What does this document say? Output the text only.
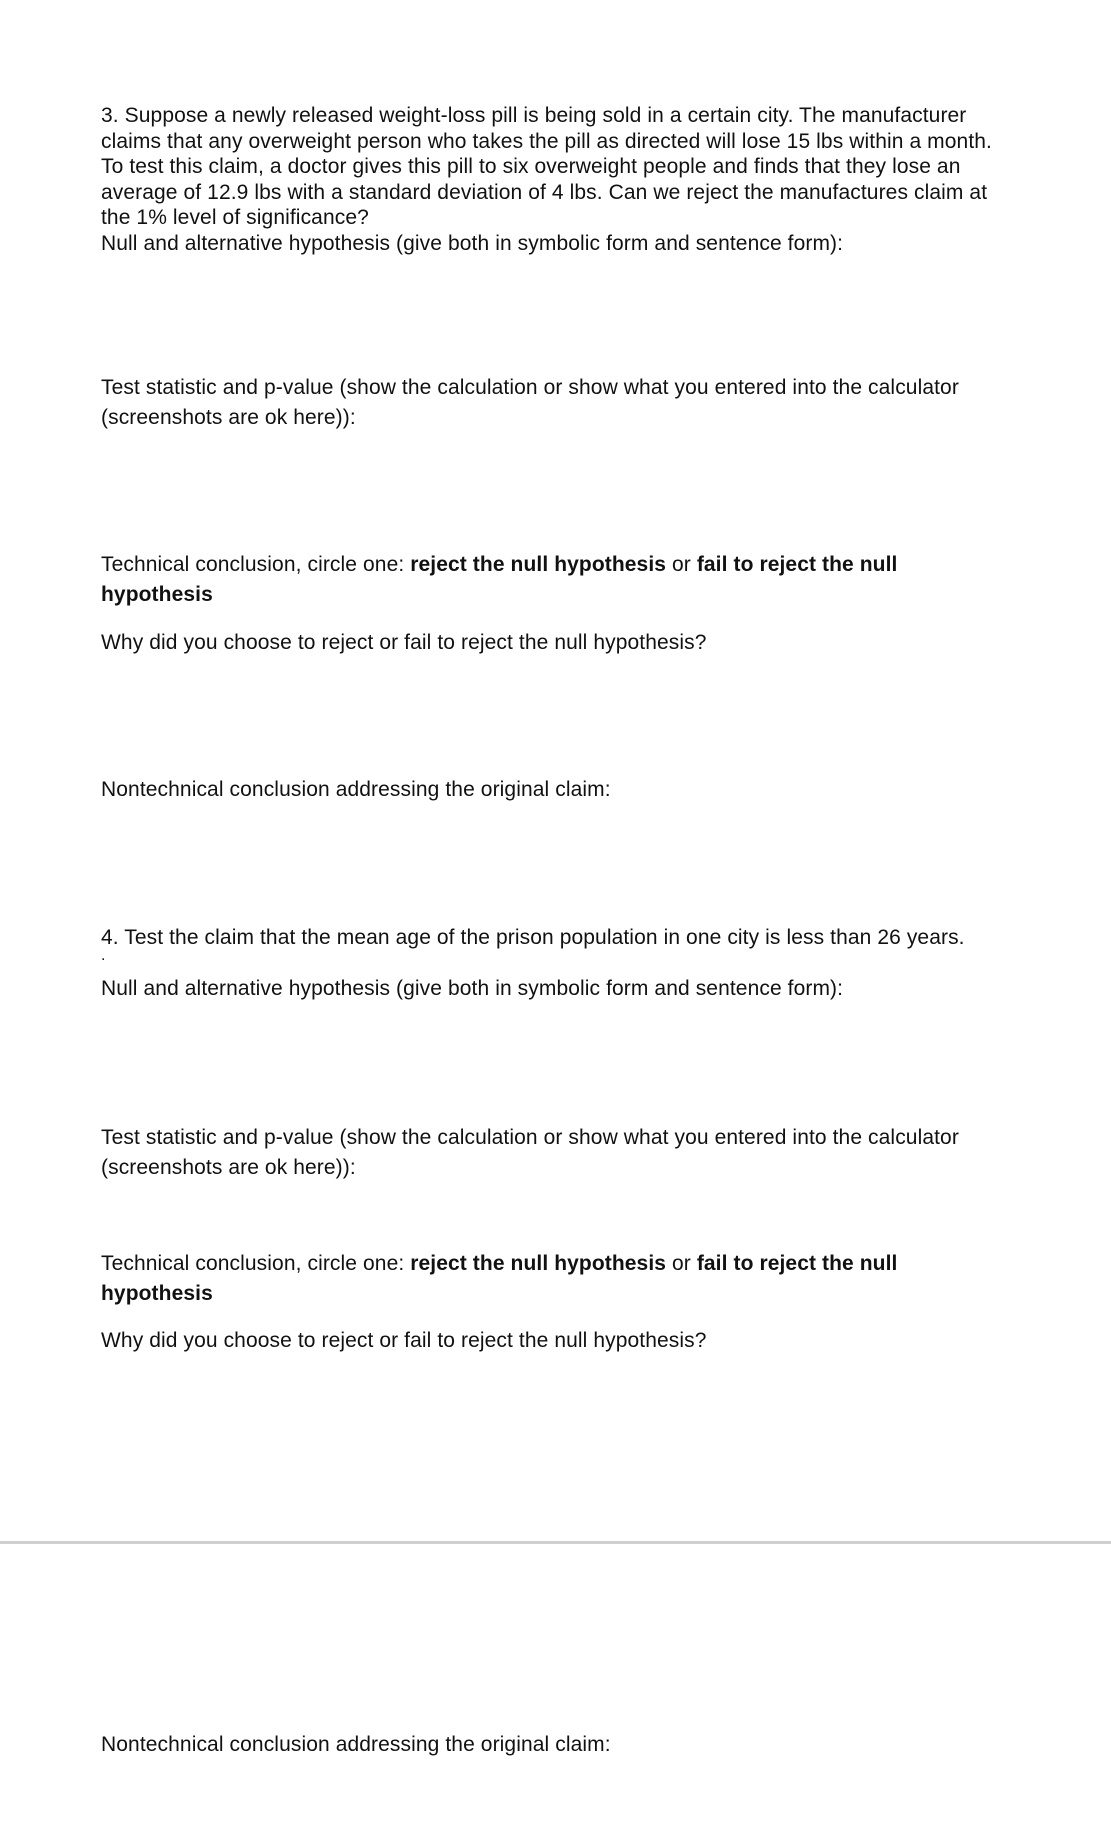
3. Suppose a newly released weight-loss pill is being sold in a certain city. The manufacturer
claims that any overweight person who takes the pill as directed will lose 15 lbs within a month.
To test this claim, a doctor gives this pill to six overweight people and finds that they lose an
average of 12.9 lbs with a standard deviation of 4 lbs. Can we reject the manufactures claim at
the 1% level of significance?
Null and alternative hypothesis (give both in symbolic form and sentence form):
Test statistic and p-value (show the calculation or show what you entered into the calculator
(screenshots are ok here)):
Technical conclusion, circle one: reject the null hypothesis or fail to reject the null
hypothesis
Why did you choose to reject or fail to reject the null hypothesis?
Nontechnical conclusion addressing the original claim:
4. Test the claim that the mean age of the prison population in one city is less than 26 years.
.
Null and alternative hypothesis (give both in symbolic form and sentence form):
Test statistic and p-value (show the calculation or show what you entered into the calculator
(screenshots are ok here)):
Technical conclusion, circle one: reject the null hypothesis or fail to reject the null
hypothesis
Why did you choose to reject or fail to reject the null hypothesis?
Nontechnical conclusion addressing the original claim:
